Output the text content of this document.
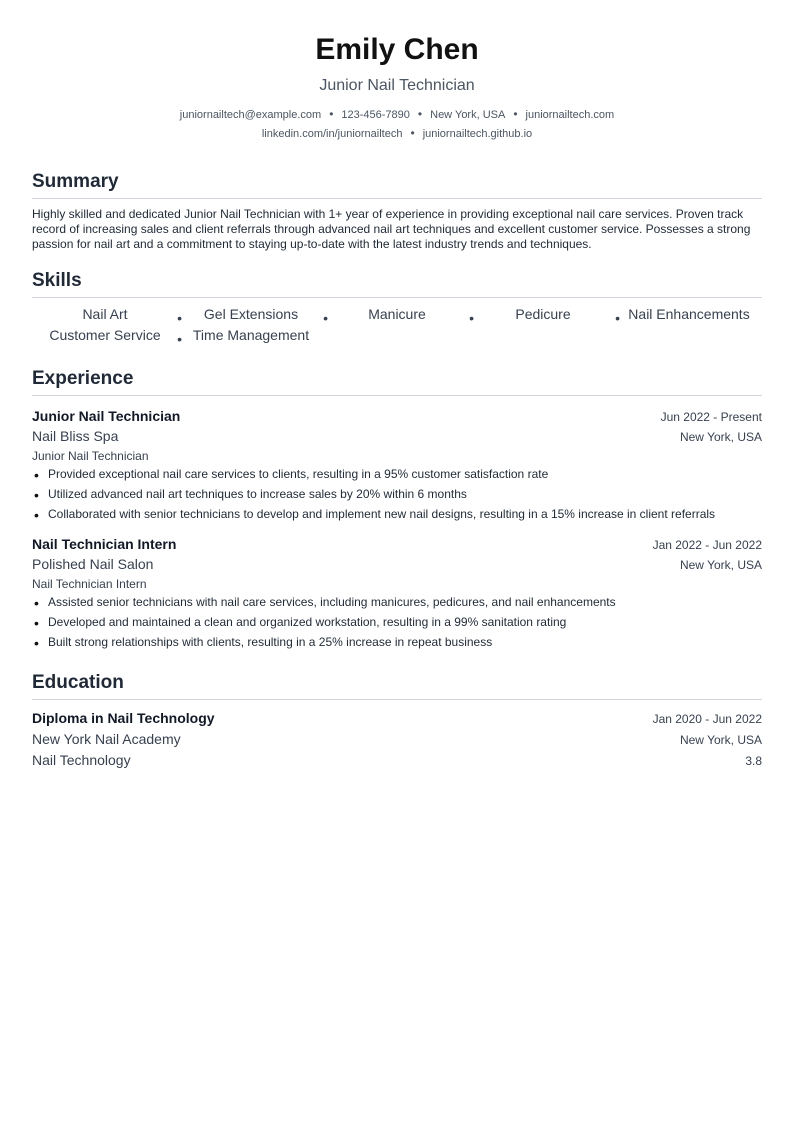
Emily Chen
Junior Nail Technician
juniornailtech@example.com • 123-456-7890 • New York, USA • juniornailtech.com
linkedin.com/in/juniornailtech • juniornailtech.github.io
Summary
Highly skilled and dedicated Junior Nail Technician with 1+ year of experience in providing exceptional nail care services. Proven track record of increasing sales and client referrals through advanced nail art techniques and excellent customer service. Possesses a strong passion for nail art and a commitment to staying up-to-date with the latest industry trends and techniques.
Skills
Nail Art	•	Gel Extensions •	Manicure	•	Pedicure	• Nail Enhancements
Customer Service • Time Management
Experience
Junior Nail Technician	Jun 2022 - Present
Nail Bliss Spa	New York, USA
Junior Nail Technician
• Provided exceptional nail care services to clients, resulting in a 95% customer satisfaction rate
• Utilized advanced nail art techniques to increase sales by 20% within 6 months
• Collaborated with senior technicians to develop and implement new nail designs, resulting in a 15% increase in client referrals
Nail Technician Intern	Jan 2022 - Jun 2022
Polished Nail Salon	New York, USA
Nail Technician Intern
• Assisted senior technicians with nail care services, including manicures, pedicures, and nail enhancements
• Developed and maintained a clean and organized workstation, resulting in a 99% sanitation rating
• Built strong relationships with clients, resulting in a 25% increase in repeat business
Education
Diploma in Nail Technology	Jan 2020 - Jun 2022
New York Nail Academy	New York, USA
Nail Technology	3.8
